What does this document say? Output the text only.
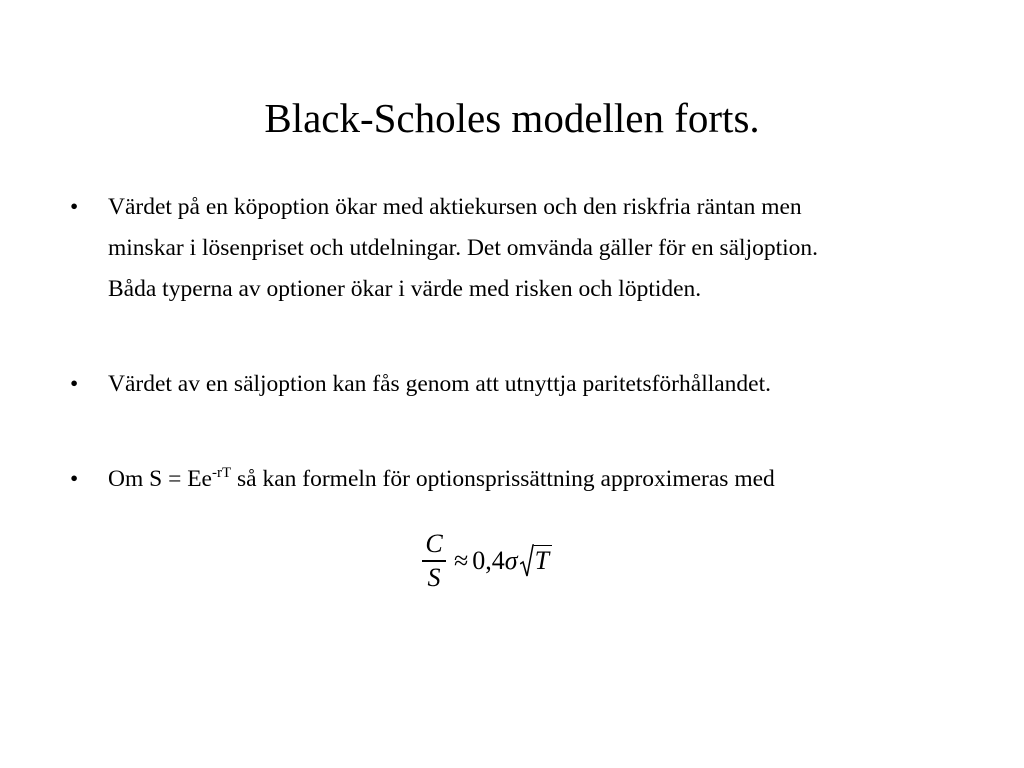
Black-Scholes modellen forts.
• Värdet på en köpoption ökar med aktiekursen och den riskfria räntan men
minskar i lösenpriset och utdelningar. Det omvända gäller för en säljoption.
Båda typerna av optioner ökar i värde med risken och löptiden.
• Värdet av en säljoption kan fås genom att utnyttja paritetsförhållandet.
• Om $S = Ee^{-rT}$ så kan formeln för optionsprissättning approximeras med
$\frac{C}{S} \approx 0,4$ σ T
